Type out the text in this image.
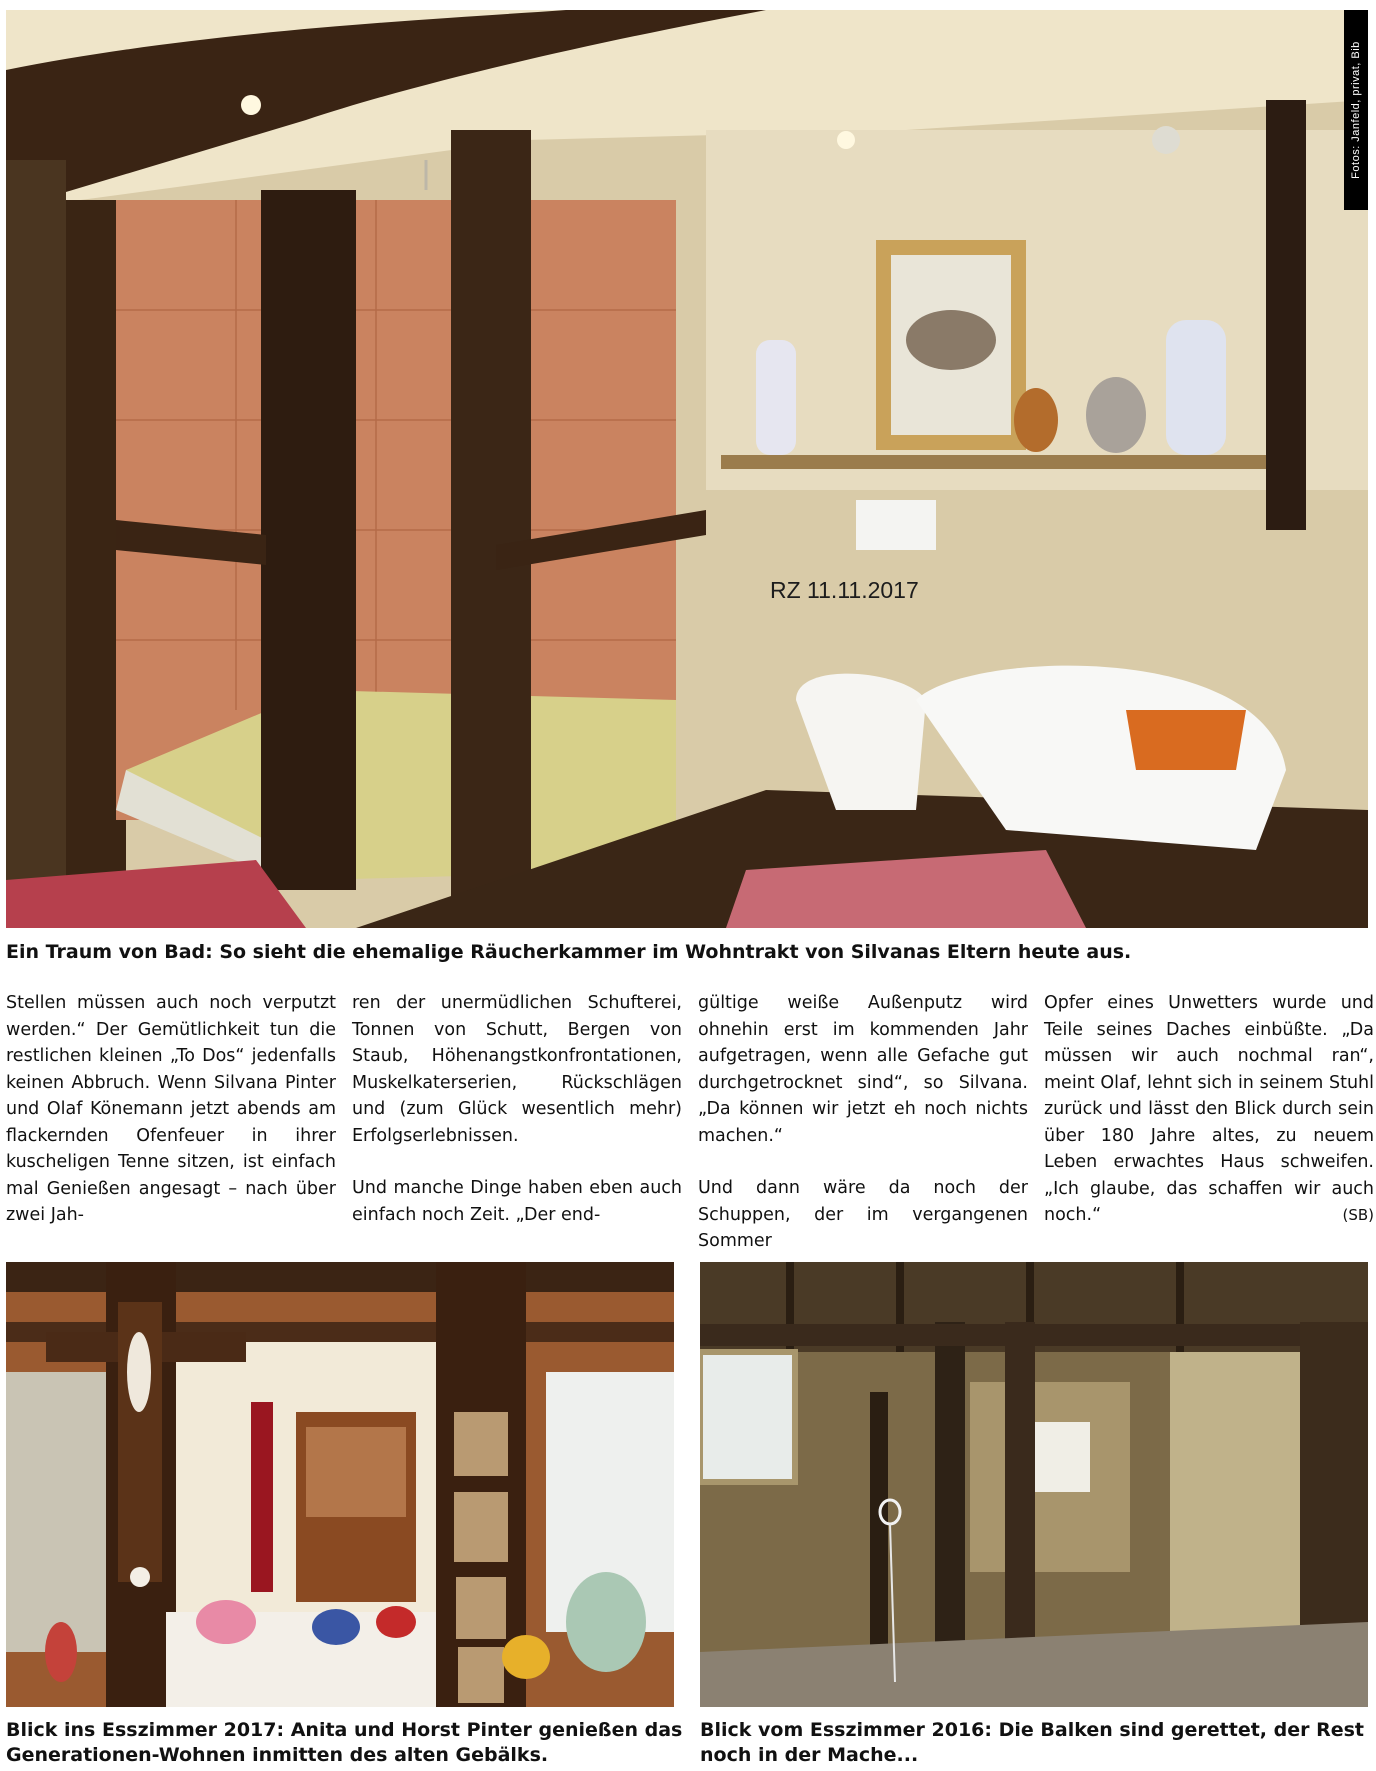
RZ 11.11.2017
Fotos: Janfeld, privat, Bib
Ein Traum von Bad: So sieht die ehemalige Räucherkammer im Wohntrakt von Silvanas Eltern heute aus.

Stellen müssen auch noch verputzt werden.“ Der Gemütlichkeit tun die restlichen kleinen „To Dos“ jedenfalls keinen Abbruch. Wenn Silvana Pinter und Olaf Könemann jetzt abends am flackernden Ofenfeuer in ihrer kuscheligen Tenne sitzen, ist einfach mal Genießen angesagt – nach über zwei Jah-

ren der unermüdlichen Schufterei, Tonnen von Schutt, Bergen von Staub, Höhenangstkonfrontationen, Muskelkaterserien, Rückschlägen und (zum Glück wesentlich mehr) Erfolgserlebnissen.

Und manche Dinge haben eben auch einfach noch Zeit. „Der end-

gültige weiße Außenputz wird ohnehin erst im kommenden Jahr aufgetragen, wenn alle Gefache gut durchgetrocknet sind“, so Silvana. „Da können wir jetzt eh noch nichts machen.“

Und dann wäre da noch der Schuppen, der im vergangenen Sommer

Opfer eines Unwetters wurde und Teile seines Daches einbüßte. „Da müssen wir auch nochmal ran“, meint Olaf, lehnt sich in seinem Stuhl zurück und lässt den Blick durch sein über 180 Jahre altes, zu neuem Leben erwachtes Haus schweifen. „Ich glaube, das schaffen wir auch noch.“	(SB)

Blick ins Esszimmer 2017: Anita und Horst Pinter genießen das Generationen-Wohnen inmitten des alten Gebälks.
Blick vom Esszimmer 2016: Die Balken sind gerettet, der Rest noch in der Mache...
